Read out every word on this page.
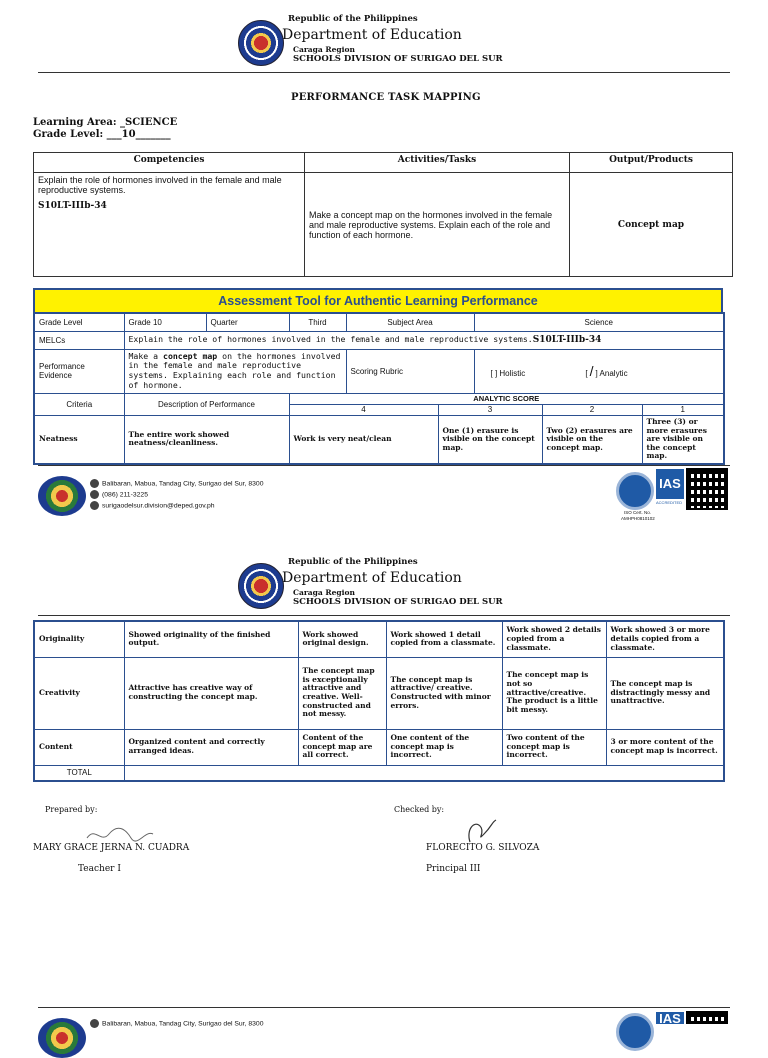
Republic of the Philippines
Department of Education
Caraga Region
SCHOOLS DIVISION OF SURIGAO DEL SUR
PERFORMANCE TASK MAPPING
Learning Area: _SCIENCE
Grade Level: ___10_______
Competencies	Activities/Tasks	Output/Products

Explain the role of hormones involved in the female and male reproductive systems.
S10LT-IIIb-34	Make a concept map on the hormones involved in the female and male reproductive systems. Explain each of the role and function of each hormone.	Concept map
Assessment Tool for Authentic Learning Performance
Grade Level	Grade 10	Quarter	Third	Subject Area		Science		
MELCs	Explain the role of hormones involved in the female and male reproductive systems.S10LT-IIIb-34							
Performance Evidence	Make a concept map on the hormones involved in the female and male reproductive systems. Explaining each role and function of hormone.			Scoring Rubric		[ ] Holistic [ / ] Analytic		
Criteria	Description of Performance		ANALYTIC SCORE					
			4		3		2	1
Neatness	The entire work showed neatness/cleanliness.		Work is very neat/clean		One (1) erasure is visible on the concept map.		Two (2) erasures are visible on the concept map.	Three (3) or more erasures are visible on the concept map.
Balibaran, Mabua, Tandag City, Surigao del Sur, 8300
(086) 211-3225
surigaodelsur.division@deped.gov.ph
IAS
ACCREDITED
ISO Cert. No.
AMHPH0810102
Republic of the Philippines
Department of Education
Caraga Region
SCHOOLS DIVISION OF SURIGAO DEL SUR
Originality	Showed originality of the finished output.	Work showed original design.	Work showed 1 detail copied from a classmate.	Work showed 2 details copied from a classmate.	Work showed 3 or more details copied from a classmate.
Creativity	Attractive has creative way of constructing the concept map.	The concept map is exceptionally attractive and creative. Well-constructed and not messy.	The concept map is attractive/ creative. Constructed with minor errors.	The concept map is not so attractive/creative. The product is a little bit messy.	The concept map is distractingly messy and unattractive.
Content	Organized content and correctly arranged ideas.	Content of the concept map are all correct.	One content of the concept map is incorrect.	Two content of the concept map is incorrect.	3 or more content of the concept map is incorrect.
TOTAL					
Prepared by:
MARY GRACE JERNA N. CUADRA
Teacher I
Checked by:
FLORECITO G. SILVOZA
Principal III
Balibaran, Mabua, Tandag City, Surigao del Sur, 8300	IAS
